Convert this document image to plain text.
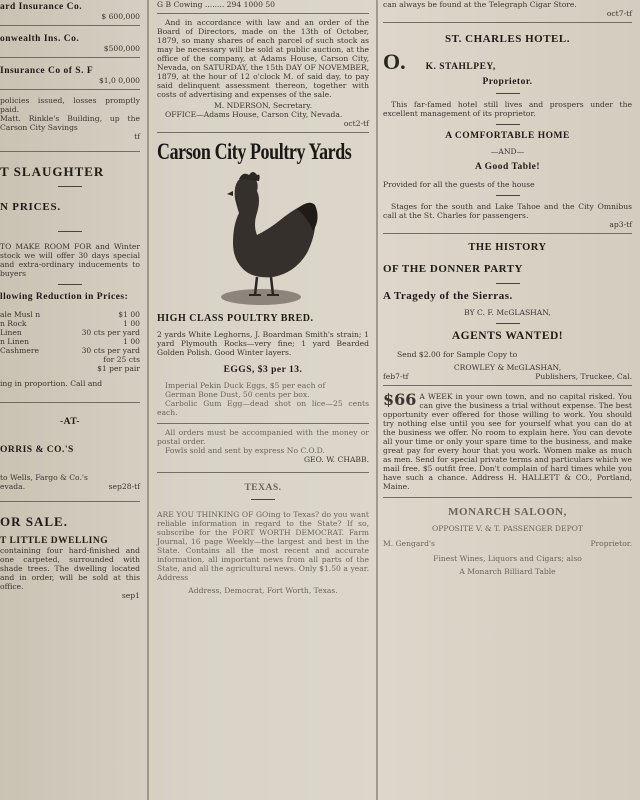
ard Insurance Co.
$ 600,000
onwealth Ins. Co.
$500,000
Insurance Co of S. F
$1,0 0,000

policies issued, losses promptly paid.

Matt. Rinkle's Building, up the Carson City Savings

tf
T SLAUGHTER
N PRICES.

TO MAKE ROOM FOR and Winter stock we will offer 30 days special and extra-ordinary inducements to buyers

llowing Reduction in Prices:
ale Musl n	$1 00
n Rock	1 00
Linen	30 cts per yard
n Linen	1 00
Cashmere	30 cts per yard
for 25 cts
$1 per pair

ing in proportion. Call and

-AT-
ORRIS & CO.'S

to Wells, Fargo & Co.'s

evada.	sep28-tf
OR SALE.
T LITTLE DWELLING

containing four hard-finished and one carpeted, surrounded with shade trees. The dwelling located and in order, will be sold at this office.

sep1

G B Cowing ........ 294 1000 50

And in accordance with law and an order of the Board of Directors, made on the 13th of October, 1879, so many shares of each parcel of such stock as may be necessary will be sold at public auction, at the office of the company, at Adams House, Carson City, Nevada, on SATURDAY, the 15th DAY OF NOVEMBER, 1879, at the hour of 12 o'clock M. of said day, to pay said delinquent assessment thereon, together with costs of advertising and expenses of the sale.

M. NDERSON, Secretary.

OFFICE—Adams House, Carson City, Nevada.

oct2-tf
Carson City Poultry Yards
HIGH CLASS POULTRY BRED.

2 yards White Leghorns, J. Boardman Smith's strain; 1 yard Plymouth Rocks—very fine; 1 yard Bearded Golden Polish. Good Winter layers.

EGGS, $3 per 13.

Imperial Pekin Duck Eggs, $5 per each of

German Bone Dust, 50 cents per box.

Carbolic Gum Egg—dead shot on lice—25 cents each.

All orders must be accompanied with the money or postal order.

Fowls sold and sent by express No C.O.D.

GEO. W. CHABB.
TEXAS.

ARE YOU THINKING OF GOing to Texas? do you want reliable information in regard to the State? If so, subscribe for the FORT WORTH DEMOCRAT. Farm Journal, 16 page Weekly—the largest and best in the State. Contains all the most recent and accurate information, all important news from all parts of the State, and all the agricultural news. Only $1.50 a year. Address

Address, Democrat, Fort Worth, Texas.

can always be found at the Telegraph Cigar Store.

oct7-tf
ST. CHARLES HOTEL.
O. K. STAHLPEY,
Proprietor.

This far-famed hotel still lives and prospers under the excellent management of its proprietor.

A COMFORTABLE HOME

—AND—

A Good Table!

Provided for all the guests of the house

Stages for the south and Lake Tahoe and the City Omnibus call at the St. Charles for passengers.

ap3-tf
THE HISTORY
OF THE DONNER PARTY
A Tragedy of the Sierras.

BY C. F. McGLASHAN,

AGENTS WANTED!

Send $2.00 for Sample Copy to

CROWLEY & McGLASHAN,

feb7-tf	Publishers, Truckee, Cal.

$66 A WEEK in your own town, and no capital risked. You can give the business a trial without expense. The best opportunity ever offered for those willing to work. You should try nothing else until you see for yourself what you can do at the business we offer. No room to explain here. You can devote all your time or only your spare time to the business, and make great pay for every hour that you work. Women make as much as men. Send for special private terms and particulars which we mail free. $5 outfit free. Don't complain of hard times while you have such a chance. Address H. HALLETT & CO., Portland, Maine.

MONARCH SALOON,

OPPOSITE V. & T. PASSENGER DEPOT

M. Gengard's	Proprietor.

Finest Wines, Liquors and Cigars; also

A Monarch Billiard Table
